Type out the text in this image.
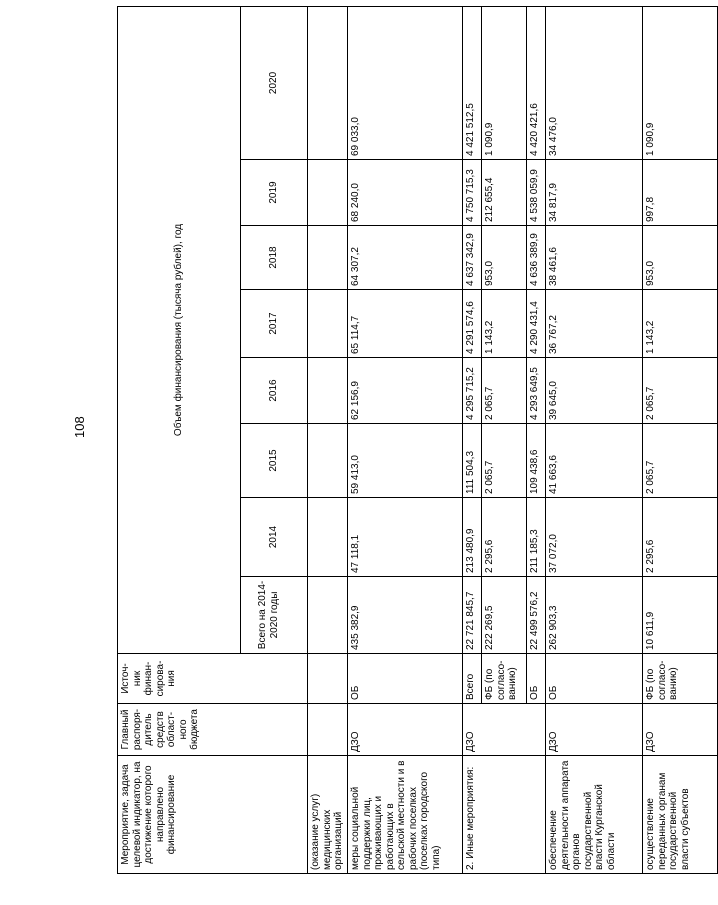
108
Мероприятие, задача целевой индикатор, на достижение которого направлено финансирование	Главный распоря-дитель средств област-ного бюджета	Источ-ник финан-сирова-ния	Объем финансирования (тысяча рублей), год							
			Всего на 2014-2020 годы	2014	2015	2016	2017	2018	2019	2020
(оказание услуг) медицинских организаций										
меры социальной поддержки лиц, проживающих и работающих в сельской местности и в рабочих поселках (поселках городского типа)	ДЗО	ОБ	435 382,9	47 118,1	59 413,0	62 156,9	65 114,7	64 307,2	68 240,0	69 033,0
2. Иные мероприятия:	ДЗО	Всего	22 721 845,7	213 480,9	111 504,3	4 295 715,2	4 291 574,6	4 637 342,9	4 750 715,3	4 421 512,5
		ФБ (по согласо-ванию)	222 269,5	2 295,6	2 065,7	2 065,7	1 143,2	953,0	212 655,4	1 090,9
		ОБ	22 499 576,2	211 185,3	109 438,6	4 293 649,5	4 290 431,4	4 636 389,9	4 538 059,9	4 420 421,6
обеспечение деятельности аппарата органов государственной власти Курганской области	ДЗО	ОБ	262 903,3	37 072,0	41 663,6	39 645,0	36 767,2	38 461,6	34 817,9	34 476,0
осуществление переданных органам государственной власти субъектов	ДЗО	ФБ (по согласо-ванию)	10 611,9	2 295,6	2 065,7	2 065,7	1 143,2	953,0	997,8	1 090,9
